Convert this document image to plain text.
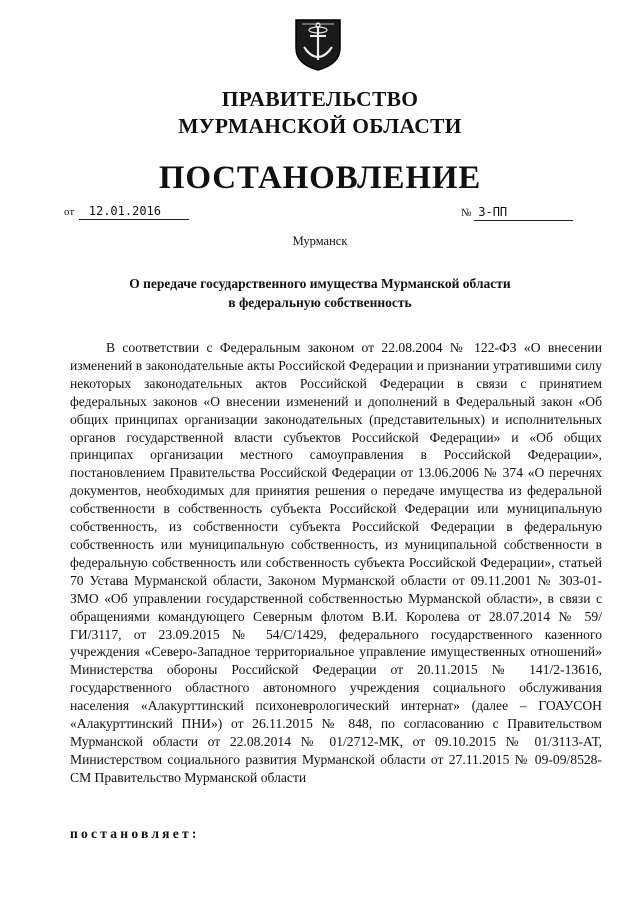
ПРАВИТЕЛЬСТВО
МУРМАНСКОЙ ОБЛАСТИ
ПОСТАНОВЛЕНИЕ
от 12.01.2016	№ 3-ПП
Мурманск
О передаче государственного имущества Мурманской области
в федеральную собственность

В соответствии с Федеральным законом от 22.08.2004 № 122-ФЗ «О внесении изменений в законодательные акты Российской Федерации и признании утратившими силу некоторых законодательных актов Российской Федерации в связи с принятием федеральных законов «О внесении изменений и дополнений в Федеральный закон «Об общих принципах организации законодательных (представительных) и исполнительных органов государственной власти субъектов Российской Федерации» и «Об общих принципах организации местного самоуправления в Российской Федерации», постановлением Правительства Российской Федерации от 13.06.2006 № 374 «О перечнях документов, необходимых для принятия решения о передаче имущества из федеральной собственности в собственность субъекта Российской Федерации или муниципальную собственность, из собственности субъекта Российской Федерации в федеральную собственность или муниципальную собственность, из муниципальной собственности в федеральную собственность или собственность субъекта Российской Федерации», статьей 70 Устава Мурманской области, Законом Мурманской области от 09.11.2001 № 303-01-ЗМО «Об управлении государственной собственностью Мурманской области», в связи с обращениями командующего Северным флотом В.И. Королева от 28.07.2014 № 59/ГИ/3117, от 23.09.2015 № 54/С/1429, федерального государственного казенного учреждения «Северо-Западное территориальное управление имущественных отношений» Министерства обороны Российской Федерации от 20.11.2015 № 141/2-13616, государственного областного автономного учреждения социального обслуживания населения «Алакурттинский психоневрологический интернат» (далее – ГОАУСОН «Алакурттинский ПНИ») от 26.11.2015 № 848, по согласованию с Правительством Мурманской области от 22.08.2014 № 01/2712-МК, от 09.10.2015 № 01/3113-АТ, Министерством социального развития Мурманской области от 27.11.2015 № 09-09/8528-СМ Правительство Мурманской области

постановляет:
